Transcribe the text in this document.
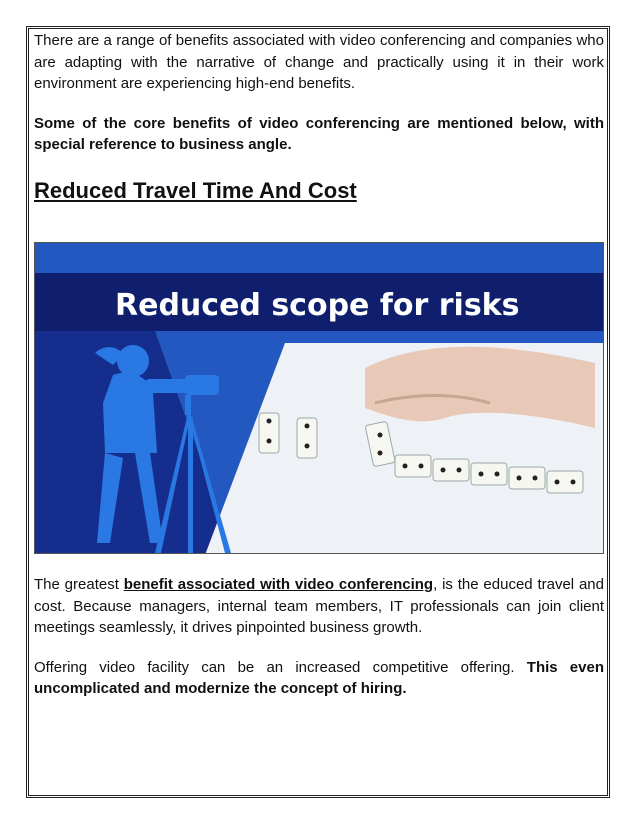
There are a range of benefits associated with video conferencing and companies who are adapting with the narrative of change and practically using it in their work environment are experiencing high-end benefits.

Some of the core benefits of video conferencing are mentioned below, with special reference to business angle.

Reduced Travel Time And Cost
Reduced scope for risks

The greatest benefit associated with video conferencing, is the educed travel and cost. Because managers, internal team members, IT professionals can join client meetings seamlessly, it drives pinpointed business growth.

Offering video facility can be an increased competitive offering. This even uncomplicated and modernize the concept of hiring.
